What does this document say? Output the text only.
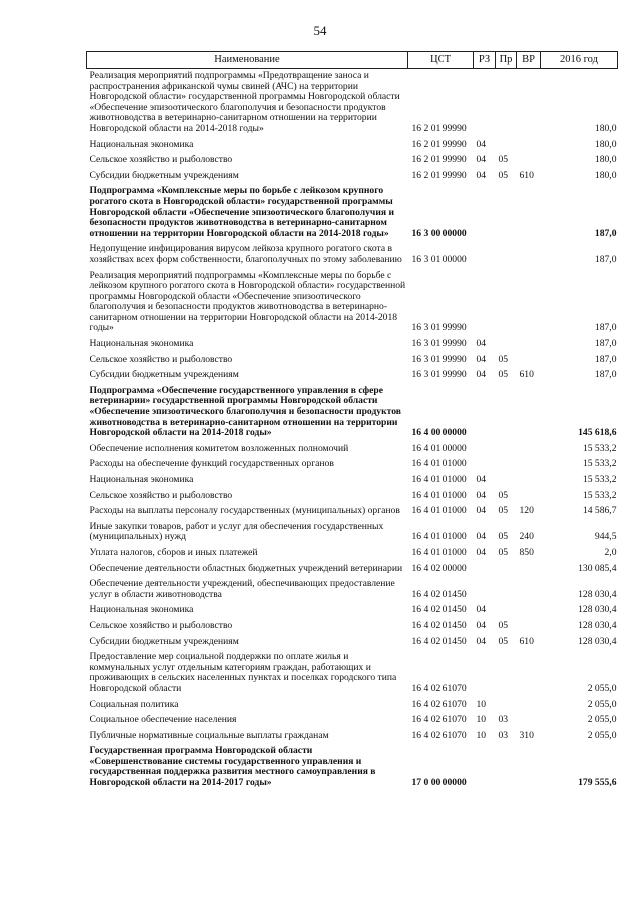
54
Наименование	ЦСТ	РЗ	Пр	ВР	2016 год
Реализация мероприятий подпрограммы «Предотвращение заноса и распространения африканской чумы свиней (АЧС) на территории Новгородской области» государственной программы Новгородской области «Обеспечение эпизоотического благополучия и безопасности продуктов животноводства в ветеринарно-санитарном отношении на территории Новгородской области на 2014-2018 годы»	16 2 01 99990				180,0
Национальная экономика	16 2 01 99990	04			180,0
Сельское хозяйство и рыболовство	16 2 01 99990	04	05		180,0
Субсидии бюджетным учреждениям	16 2 01 99990	04	05	610	180,0
Подпрограмма «Комплексные меры по борьбе с лейкозом крупного рогатого скота в Новгородской области» государственной программы Новгородской области «Обеспечение эпизоотического благополучия и безопасности продуктов животноводства в ветеринарно-санитарном отношении на территории Новгородской области на 2014-2018 годы»	16 3 00 00000				187,0
Недопущение инфицирования вирусом лейкоза крупного рогатого скота в хозяйствах всех форм собственности, благополучных по этому заболеванию	16 3 01 00000				187,0
Реализация мероприятий подпрограммы «Комплексные меры по борьбе с лейкозом крупного рогатого скота в Новгородской области» государственной программы Новгородской области «Обеспечение эпизоотического благополучия и безопасности продуктов животноводства в ветеринарно-санитарном отношении на территории Новгородской области на 2014-2018 годы»	16 3 01 99990				187,0
Национальная экономика	16 3 01 99990	04			187,0
Сельское хозяйство и рыболовство	16 3 01 99990	04	05		187,0
Субсидии бюджетным учреждениям	16 3 01 99990	04	05	610	187,0
Подпрограмма «Обеспечение государственного управления в сфере ветеринарии» государственной программы Новгородской области «Обеспечение эпизоотического благополучия и безопасности продуктов животноводства в ветеринарно-санитарном отношении на территории Новгородской области на 2014-2018 годы»	16 4 00 00000				145 618,6
Обеспечение исполнения комитетом возложенных полномочий	16 4 01 00000				15 533,2
Расходы на обеспечение функций государственных органов	16 4 01 01000				15 533,2
Национальная экономика	16 4 01 01000	04			15 533,2
Сельское хозяйство и рыболовство	16 4 01 01000	04	05		15 533,2
Расходы на выплаты персоналу государственных (муниципальных) органов	16 4 01 01000	04	05	120	14 586,7
Иные закупки товаров, работ и услуг для обеспечения государственных (муниципальных) нужд	16 4 01 01000	04	05	240	944,5
Уплата налогов, сборов и иных платежей	16 4 01 01000	04	05	850	2,0
Обеспечение деятельности областных бюджетных учреждений ветеринарии	16 4 02 00000				130 085,4
Обеспечение деятельности учреждений, обеспечивающих предоставление услуг в области животноводства	16 4 02 01450				128 030,4
Национальная экономика	16 4 02 01450	04			128 030,4
Сельское хозяйство и рыболовство	16 4 02 01450	04	05		128 030,4
Субсидии бюджетным учреждениям	16 4 02 01450	04	05	610	128 030,4
Предоставление мер социальной поддержки по оплате жилья и коммунальных услуг отдельным категориям граждан, работающих и проживающих в сельских населенных пунктах и поселках городского типа Новгородской области	16 4 02 61070				2 055,0
Социальная политика	16 4 02 61070	10			2 055,0
Социальное обеспечение населения	16 4 02 61070	10	03		2 055,0
Публичные нормативные социальные выплаты гражданам	16 4 02 61070	10	03	310	2 055,0
Государственная программа Новгородской области «Совершенствование системы государственного управления и государственная поддержка развития местного самоуправления в Новгородской области на 2014-2017 годы»	17 0 00 00000				179 555,6
